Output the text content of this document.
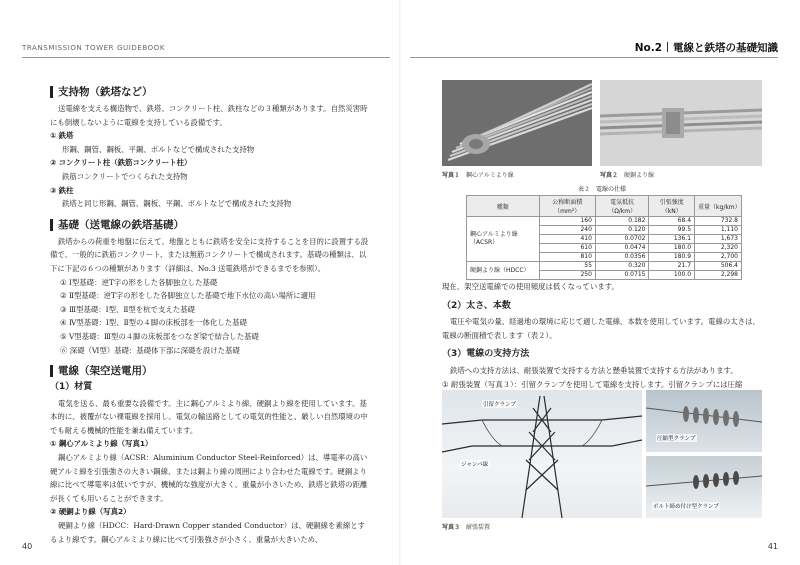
TRANSMISSION TOWER GUIDEBOOK	No.2 電線と鉄塔の基礎知識
支持物（鉄塔など）

送電線を支える構造物で、鉄塔、コンクリート柱、鉄柱などの３種類があります。自然災害時にも倒壊しないように電線を支持している設備です。

① 鉄塔
形鋼、鋼管、鋼板、平鋼、ボルトなどで構成された支持物
② コンクリート柱（鉄筋コンクリート柱）
鉄筋コンクリートでつくられた支持物
③ 鉄柱
鉄塔と同じ形鋼、鋼管、鋼板、平鋼、ボルトなどで構成された支持物
基礎（送電線の鉄塔基礎）

鉄塔からの荷重を地盤に伝えて、地盤とともに鉄塔を安全に支持することを目的に設置する設備で、一般的に鉄筋コンクリート、または無筋コンクリートで構成されます。基礎の種類は、以下に下記の６つの種類があります（詳細は、No.3 送電鉄塔ができるまでを参照）。

① Ⅰ型基礎：逆T字の形をした各脚独立した基礎
② Ⅱ型基礎：逆T字の形をした各脚独立した基礎で地下水位の高い場所に適用
③ Ⅲ型基礎：Ⅰ型、Ⅱ型を杭で支えた基礎
④ Ⅳ型基礎：Ⅰ型、Ⅱ型の４脚の床板部を一体化した基礎
⑤ Ⅴ型基礎：Ⅲ型の４脚の床板部をつなぎ梁で結合した基礎
⑥ 深礎（Ⅵ型）基礎：基礎体下部に深礎を設けた基礎
電線（架空送電用）
（1）材質

電気を送る、最も重要な設備です。主に鋼心アルミより線、硬銅より線を使用しています。基本的に、被覆がない裸電線を採用し、電気の輸送路としての電気的性能と、厳しい自然環境の中でも耐える機械的性能を兼ね備えています。

① 鋼心アルミより線（写真1）

鋼心アルミより線（ACSR：Aluminium Conductor Steel-Reinforced）は、導電率の高い硬アルミ線を引張強さの大きい鋼線、または鋼より線の周囲により合わせた電線です。硬銅より線に比べて導電率は低いですが、機械的な強度が大きく、重量が小さいため、鉄塔と鉄塔の距離が長くても用いることができます。

② 硬銅より線（写真2）

硬銅より線（HDCC：Hard-Drawn Copper standed Conductor）は、硬銅線を素線とするより線です。鋼心アルミより線に比べて引張強さが小さく、重量が大きいため、

写真１ 鋼心アルミより線	写真２ 硬銅より線
表２　電線の仕様
種類	公称断面積（mm²）	電気抵抗（Ω/km）	引張強度（kN）	重量（kg/km）
鋼心アルミより線（ACSR）	160	0.182	68.4	732.8
	240	0.120	99.5	1,110
	410	0.0702	136.1	1,673
	610	0.0474	180.0	2,320
	810	0.0356	180.9	2,700
硬銅より線（HDCC）	55	0.320	21.7	506.4
	250	0.0715	100.0	2,298

現在、架空送電線での使用頻度は低くなっています。

（2）太さ、本数

電圧や電気の量、経過地の環境に応じて適した電線、本数を使用しています。電線の太さは、電線の断面積で表します（表２）。

（3）電線の支持方法

鉄塔への支持方法は、耐張装置で支持する方法と懸垂装置で支持する方法があります。

① 耐張装置（写真３）：引留クランプを使用して電線を支持します。引留クランプには圧縮
引留クランプ
ジャンパ線
圧縮型クランプ
ボルト締め付け型クランプ
写真３ 耐張装置
40	41
